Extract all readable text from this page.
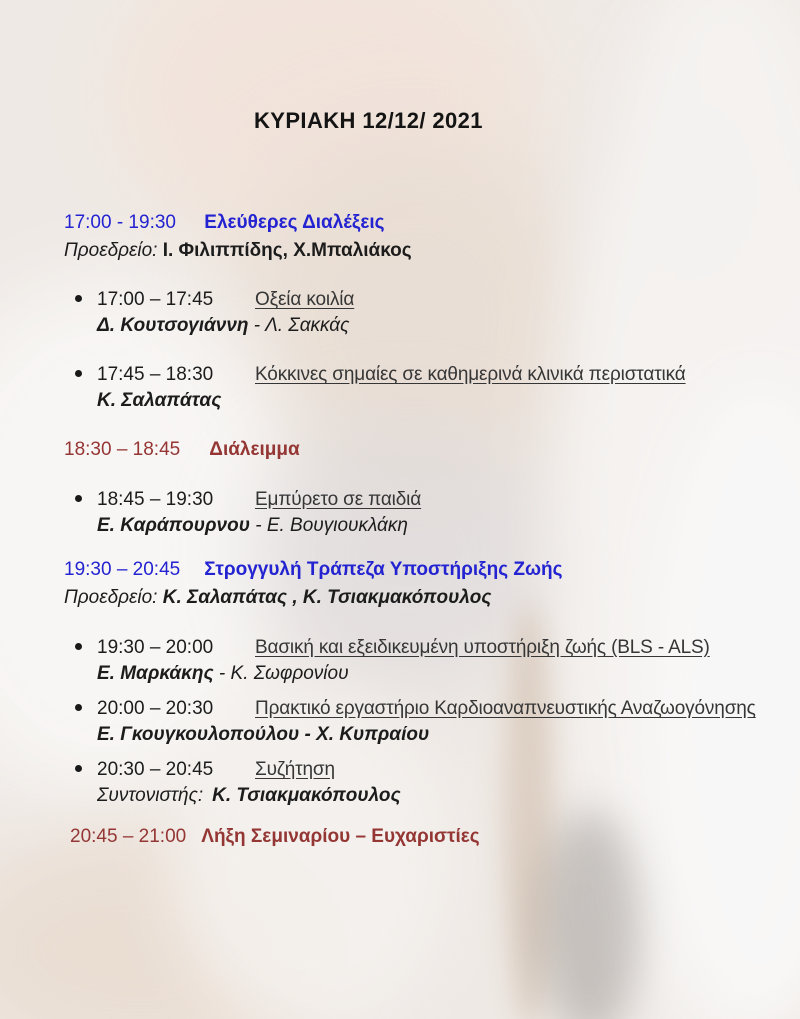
ΚΥΡΙΑΚΗ 12/12/ 2021
17:00 - 19:30 Ελεύθερες Διαλέξεις
Προεδρείο: Ι. Φιλιππίδης, Χ.Μπαλιάκος
17:00 – 17:45 Οξεία κοιλία
Δ. Κουτσογιάννη - Λ. Σακκάς
17:45 – 18:30 Κόκκινες σημαίες σε καθημερινά κλινικά περιστατικά
Κ. Σαλαπάτας
18:30 – 18:45 Διάλειμμα
18:45 – 19:30 Εμπύρετο σε παιδιά
Ε. Καράπουρνου - Ε. Βουγιουκλάκη
19:30 – 20:45 Στρογγυλή Τράπεζα Υποστήριξης Ζωής
Προεδρείο: Κ. Σαλαπάτας , Κ. Τσιακμακόπουλος
19:30 – 20:00 Βασική και εξειδικευμένη υποστήριξη ζωής (BLS - ALS)
Ε. Μαρκάκης - Κ. Σωφρονίου
20:00 – 20:30 Πρακτικό εργαστήριο Καρδιοαναπνευστικής Αναζωογόνησης
Ε. Γκουγκουλοπούλου - Χ. Κυπραίου
20:30 – 20:45 Συζήτηση
Συντονιστής: Κ. Τσιακμακόπουλος
20:45 – 21:00 Λήξη Σεμιναρίου – Ευχαριστίες
